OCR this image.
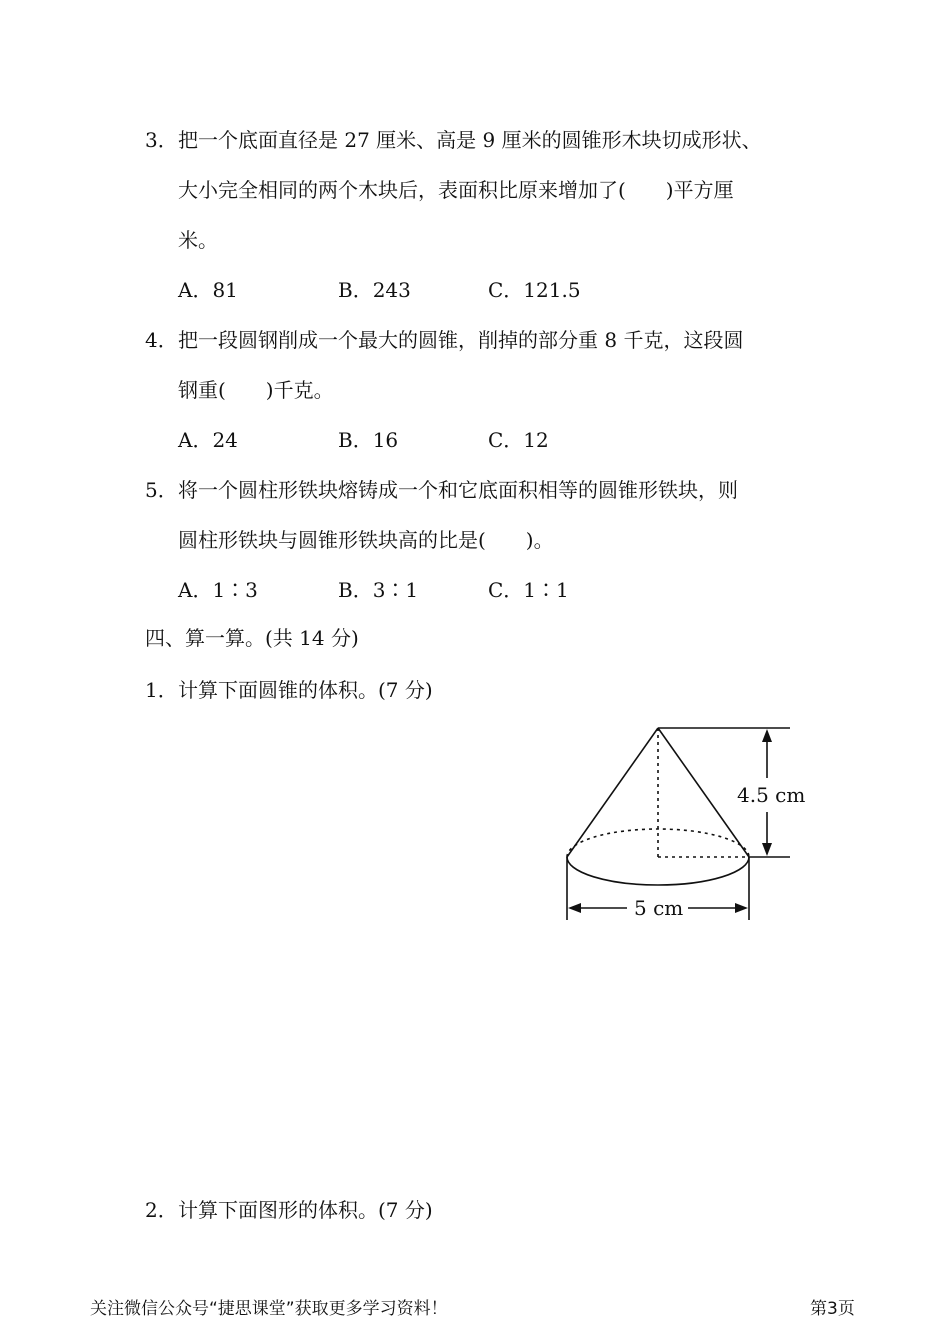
3． 把一个底面直径是 27 厘米、高是 9 厘米的圆锥形木块切成形状、
大小完全相同的两个木块后，表面积比原来增加了(　　)平方厘
米。
A．81	B．243	C．121.5
4． 把一段圆钢削成一个最大的圆锥，削掉的部分重 8 千克，这段圆
钢重(　　)千克。
A．24	B．16	C．12
5． 将一个圆柱形铁块熔铸成一个和它底面积相等的圆锥形铁块，则
圆柱形铁块与圆锥形铁块高的比是(　　)。
A．1∶3	B．3∶1	C．1∶1
四、算一算。(共 14 分)
1． 计算下面圆锥的体积。(7 分)
4.5 cm
5 cm
2． 计算下面图形的体积。(7 分)
关注微信公众号“捷思课堂”获取更多学习资料！	第3页
